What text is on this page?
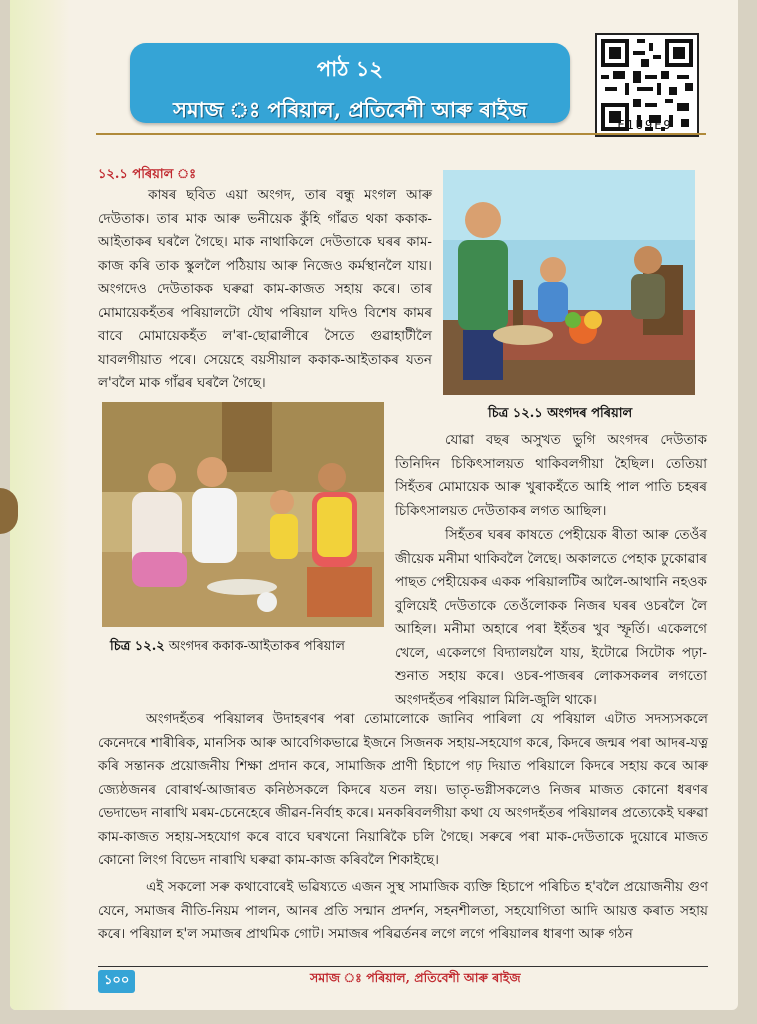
পাঠ ১২
সমাজ ঃ পৰিয়াল, প্ৰতিবেশী আৰু ৰাইজ
E1U9E9
১২.১ পৰিয়াল ঃ

কাষৰ ছবিত এয়া অংগদ, তাৰ বন্ধু মংগল আৰু দেউতাক। তাৰ মাক আৰু ভনীয়েক কুঁহি গাঁৱত থকা ককাক-আইতাকৰ ঘৰলৈ গৈছে। মাক নাথাকিলে দেউতাকে ঘৰৰ কাম-কাজ কৰি তাক স্কুললৈ পঠিয়ায় আৰু নিজেও কৰ্মস্থানলৈ যায়। অংগদেও দেউতাকক ঘৰুৱা কাম-কাজত সহায় কৰে। তাৰ মোমায়েকহঁতৰ পৰিয়ালটো যৌথ পৰিয়াল যদিও বিশেষ কামৰ বাবে মোমায়েকহঁত ল'ৰা-ছোৱালীৰে সৈতে গুৱাহাটীলৈ যাবলগীয়াত পৰে। সেয়েহে বয়সীয়াল ককাক-আইতাকৰ যতন ল'বলৈ মাক গাঁৱৰ ঘৰলৈ গৈছে।

চিত্ৰ ১২.১ অংগদৰ পৰিয়াল
চিত্ৰ ১২.২ অংগদৰ ককাক-আইতাকৰ পৰিয়াল

যোৱা বছৰ অসুখত ভুগি অংগদৰ দেউতাক তিনিদিন চিকিৎসালয়ত থাকিবলগীয়া হৈছিল। তেতিয়া সিহঁতৰ মোমায়েক আৰু খুৰাকহঁতে আহি পাল পাতি চহৰৰ চিকিৎসালয়ত দেউতাকৰ লগত আছিল।

সিহঁতৰ ঘৰৰ কাষতে পেহীয়েক ৰীতা আৰু তেওঁৰ জীয়েক মনীমা থাকিবলৈ লৈছে। অকালতে পেহাক ঢুকোৱাৰ পাছত পেহীয়েকৰ একক পৰিয়ালটিৰ আলৈ-আথানি নহওক বুলিয়েই দেউতাকে তেওঁলোকক নিজৰ ঘৰৰ ওচৰলৈ লৈ আহিল। মনীমা অহাৰে পৰা ইহঁতৰ খুব স্ফূৰ্তি। একেলগে খেলে, একেলগে বিদ্যালয়লৈ যায়, ইটোৱে সিটোক পঢ়া-শুনাত সহায় কৰে। ওচৰ-পাজৰৰ লোকসকলৰ লগতো অংগদহঁতৰ পৰিয়াল মিলি-জুলি থাকে।

অংগদহঁতৰ পৰিয়ালৰ উদাহৰণৰ পৰা তোমালোকে জানিব পাৰিলা যে পৰিয়াল এটাত সদস্যসকলে কেনেদৰে শাৰীৰিক, মানসিক আৰু আবেগিকভাৱে ইজনে সিজনক সহায়-সহযোগ কৰে, কিদৰে জন্মৰ পৰা আদৰ-যত্ন কৰি সন্তানক প্ৰয়োজনীয় শিক্ষা প্ৰদান কৰে, সামাজিক প্ৰাণী হিচাপে গঢ় দিয়াত পৰিয়ালে কিদৰে সহায় কৰে আৰু জ্যেষ্ঠজনৰ বোৰাৰ্থ-আজাৰত কনিষ্ঠসকলে কিদৰে যতন লয়। ভাতৃ-ভগ্নীসকলেও নিজৰ মাজত কোনো ধৰণৰ ভেদাভেদ নাৰাখি মৰম-চেনেহেৰে জীৱন-নিৰ্বাহ কৰে। মনকৰিবলগীয়া কথা যে অংগদহঁতৰ পৰিয়ালৰ প্ৰত্যেকেই ঘৰুৱা কাম-কাজত সহায়-সহযোগ কৰে বাবে ঘৰখনো নিয়াৰিকৈ চলি গৈছে। সৰুৰে পৰা মাক-দেউতাকে দুয়োৰে মাজত কোনো লিংগ বিভেদ নাৰাখি ঘৰুৱা কাম-কাজ কৰিবলৈ শিকাইছে।

এই সকলো সৰু কথাবোৰেই ভৱিষ্যতে এজন সুস্থ সামাজিক ব্যক্তি হিচাপে পৰিচিত হ'বলৈ প্ৰয়োজনীয় গুণ যেনে, সমাজৰ নীতি-নিয়ম পালন, আনৰ প্ৰতি সন্মান প্ৰদৰ্শন, সহনশীলতা, সহযোগিতা আদি আয়ত্ত কৰাত সহায় কৰে। পৰিয়াল হ'ল সমাজৰ প্ৰাথমিক গোট। সমাজৰ পৰিৱৰ্তনৰ লগে লগে পৰিয়ালৰ ধাৰণা আৰু গঠন

১০০	সমাজ ঃ পৰিয়াল, প্ৰতিবেশী আৰু ৰাইজ
